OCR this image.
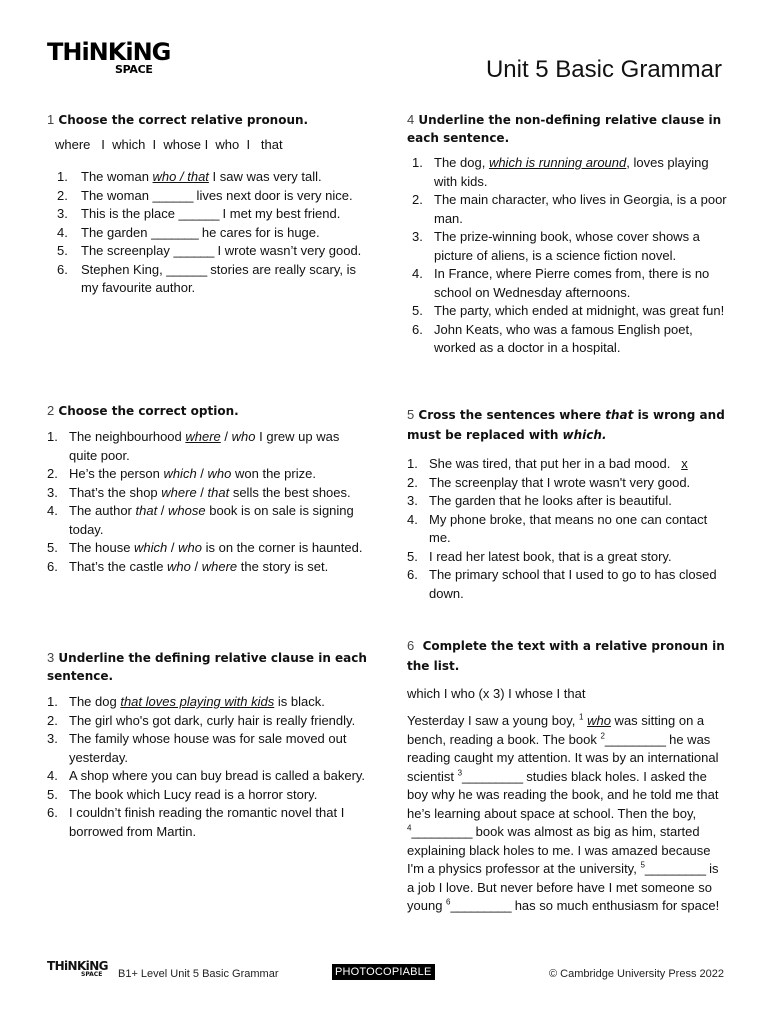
THiNKiNG
SPACE	Unit 5 Basic Grammar
1 Choose the correct relative pronoun.
where   I  which  I  whose I  who  I   that
1. The woman who / that I saw was very tall.
2. The woman ______ lives next door is very nice.
3. This is the place ______ I met my best friend.
4. The garden _______ he cares for is huge.
5. The screenplay ______ I wrote wasn’t very good.
6. Stephen King, ______ stories are really scary, is my favourite author.
2 Choose the correct option.
1. The neighbourhood where / who I grew up was quite poor.
2. He’s the person which / who won the prize.
3. That’s the shop where / that sells the best shoes.
4. The author that / whose book is on sale is signing today.
5. The house which / who is on the corner is haunted.
6. That’s the castle who / where the story is set.
3 Underline the defining relative clause in each sentence.
1. The dog that loves playing with kids is black.
2. The girl who's got dark, curly hair is really friendly.
3. The family whose house was for sale moved out yesterday.
4. A shop where you can buy bread is called a bakery.
5. The book which Lucy read is a horror story.
6. I couldn’t finish reading the romantic novel that I borrowed from Martin.
4 Underline the non-defining relative clause in each sentence.
1. The dog, which is running around, loves playing with kids.
2. The main character, who lives in Georgia, is a poor man.
3. The prize-winning book, whose cover shows a picture of aliens, is a science fiction novel.
4. In France, where Pierre comes from, there is no school on Wednesday afternoons.
5. The party, which ended at midnight, was great fun!
6. John Keats, who was a famous English poet, worked as a doctor in a hospital.
5 Cross the sentences where that is wrong and must be replaced with which.
1. She was tired, that put her in a bad mood. x
2. The screenplay that I wrote wasn't very good.
3. The garden that he looks after is beautiful.
4. My phone broke, that means no one can contact me.
5. I read her latest book, that is a great story.
6. The primary school that I used to go to has closed down.
6 Complete the text with a relative pronoun in the list.
which I who (x 3) I whose I that
Yesterday I saw a young boy, $^1$ who was sitting on a bench, reading a book. The book $^2$_________ he was reading caught my attention. It was by an international scientist $^3$_________ studies black holes. I asked the boy why he was reading the book, and he told me that he’s learning about space at school. Then the boy, $^4$_________ book was almost as big as him, started explaining black holes to me. I was amazed because I'm a physics professor at the university, $^5$_________ is a job I love. But never before have I met someone so young $^6$_________ has so much enthusiasm for space!
THiNKiNG
SPACE	B1+ Level Unit 5 Basic Grammar	PHOTOCOPIABLE	© Cambridge University Press 2022
